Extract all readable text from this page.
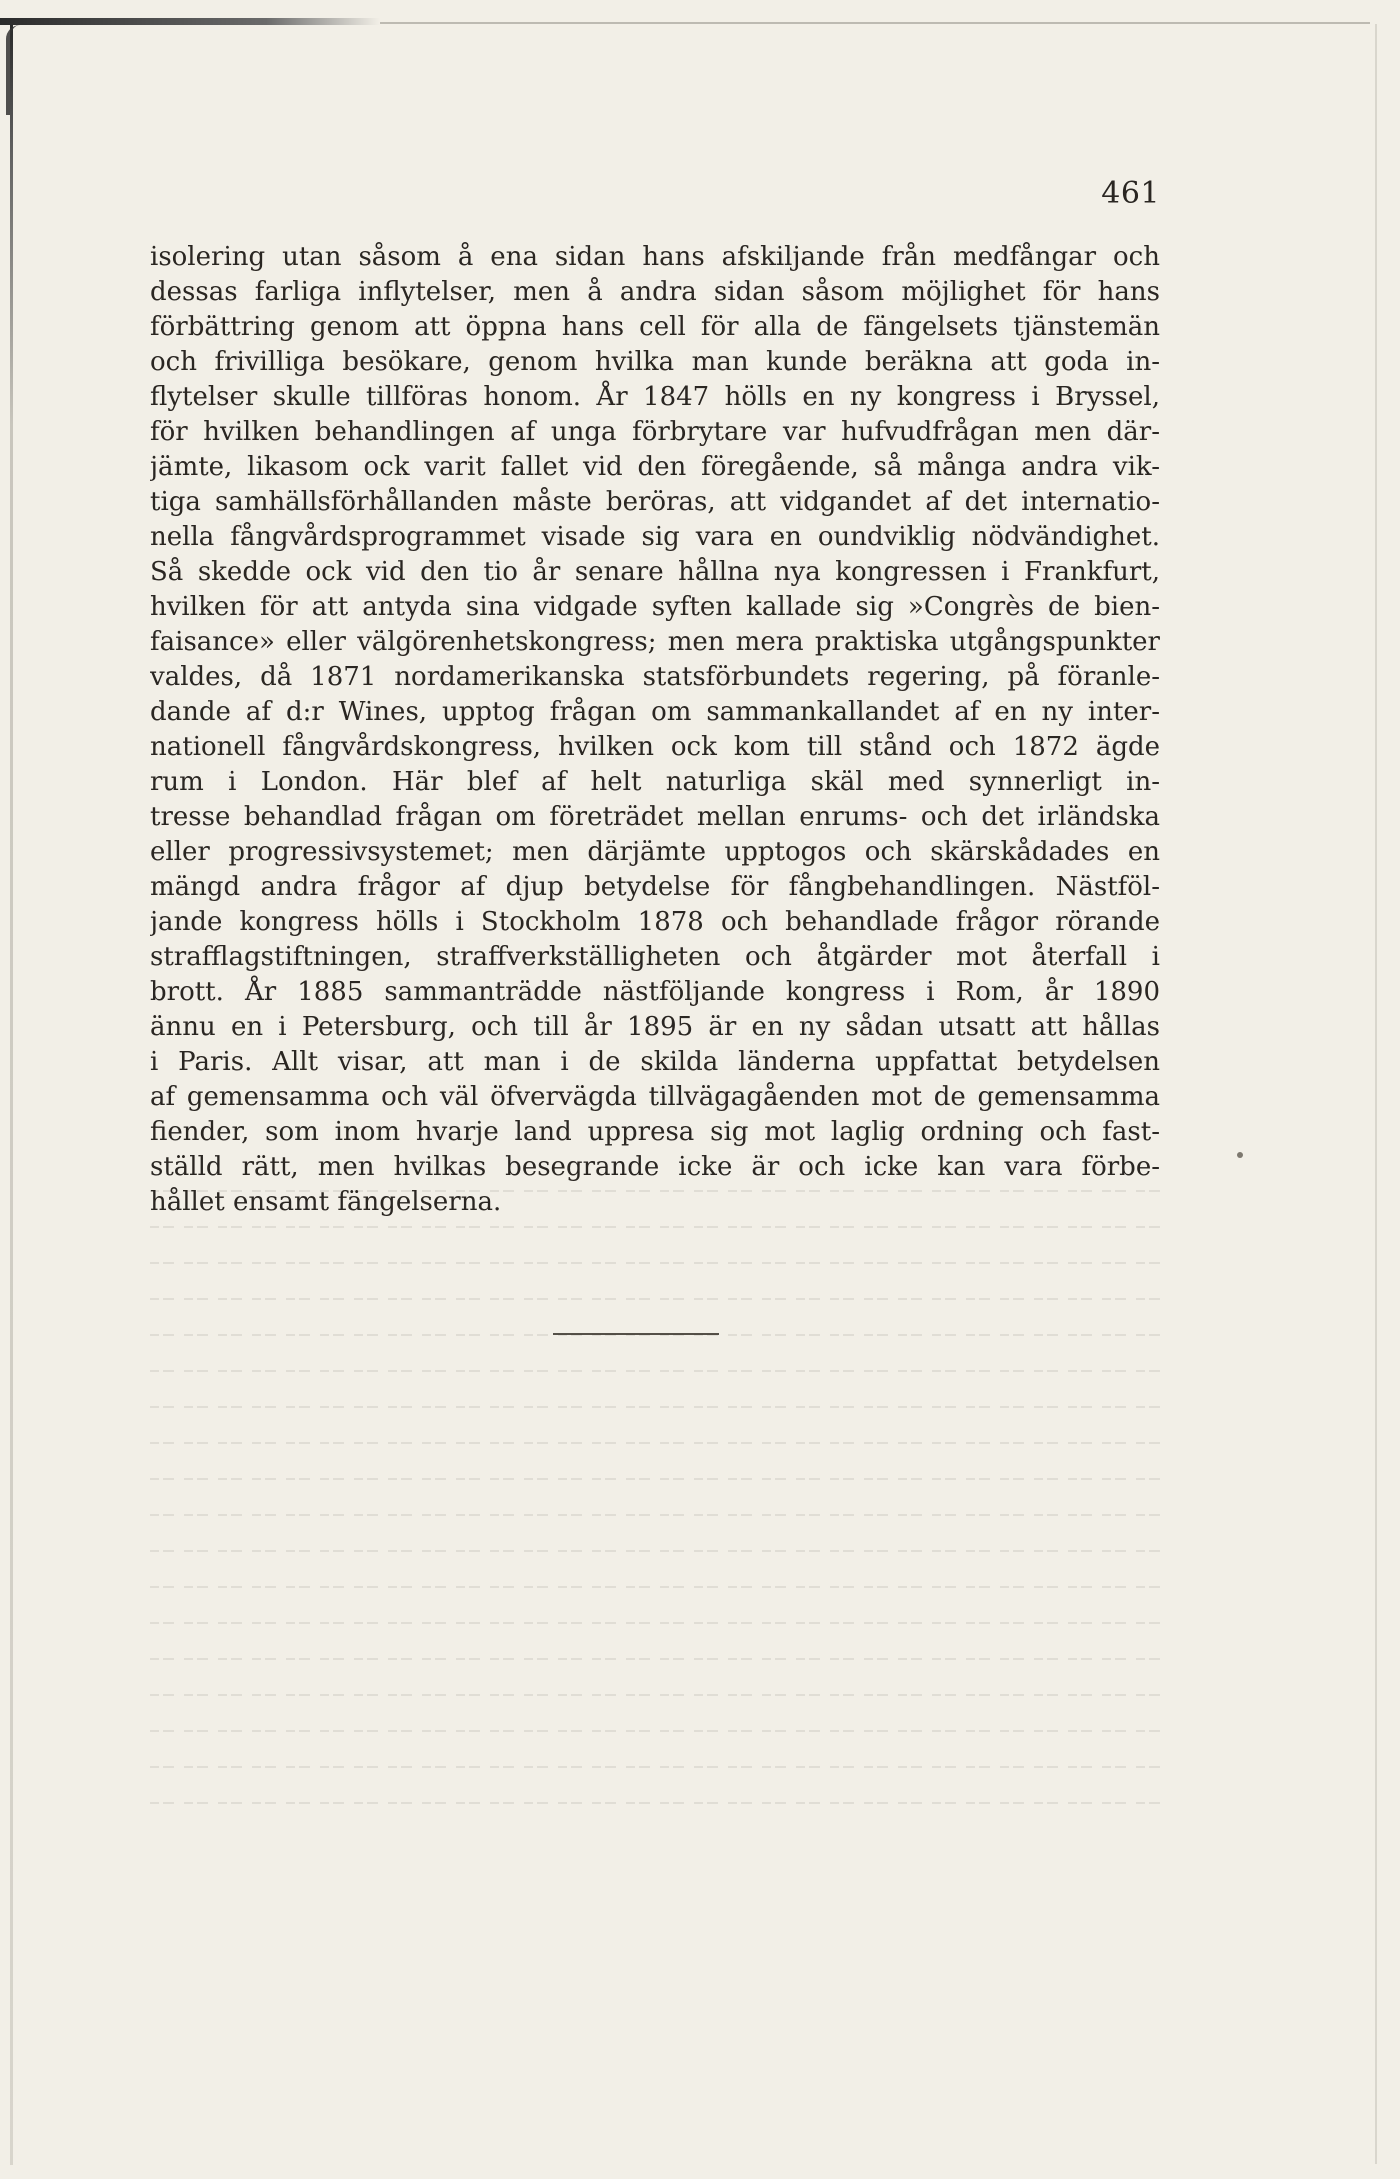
461
isolering utan såsom å ena sidan hans afskiljande från medfångar och
dessas farliga inflytelser, men å andra sidan såsom möjlighet för hans
förbättring genom att öppna hans cell för alla de fängelsets tjänstemän
och frivilliga besökare, genom hvilka man kunde beräkna att goda in-
flytelser skulle tillföras honom. År 1847 hölls en ny kongress i Bryssel,
för hvilken behandlingen af unga förbrytare var hufvudfrågan men där-
jämte, likasom ock varit fallet vid den föregående, så många andra vik-
tiga samhällsförhållanden måste beröras, att vidgandet af det internatio-
nella fångvårdsprogrammet visade sig vara en oundviklig nödvändighet.
Så skedde ock vid den tio år senare hållna nya kongressen i Frankfurt,
hvilken för att antyda sina vidgade syften kallade sig »Congrès de bien-
faisance» eller välgörenhetskongress; men mera praktiska utgångspunkter
valdes, då 1871 nordamerikanska statsförbundets regering, på föranle-
dande af d:r Wines, upptog frågan om sammankallandet af en ny inter-
nationell fångvårdskongress, hvilken ock kom till stånd och 1872 ägde
rum i London. Här blef af helt naturliga skäl med synnerligt in-
tresse behandlad frågan om företrädet mellan enrums- och det irländska
eller progressivsystemet; men därjämte upptogos och skärskådades en
mängd andra frågor af djup betydelse för fångbehandlingen. Nästföl-
jande kongress hölls i Stockholm 1878 och behandlade frågor rörande
strafflagstiftningen, straffverkställigheten och åtgärder mot återfall i
brott. År 1885 sammanträdde nästföljande kongress i Rom, år 1890
ännu en i Petersburg, och till år 1895 är en ny sådan utsatt att hållas
i Paris. Allt visar, att man i de skilda länderna uppfattat betydelsen
af gemensamma och väl öfvervägda tillvägagåenden mot de gemensamma
fiender, som inom hvarje land uppresa sig mot laglig ordning och fast-
ställd rätt, men hvilkas besegrande icke är och icke kan vara förbe-
hållet ensamt fängelserna.
